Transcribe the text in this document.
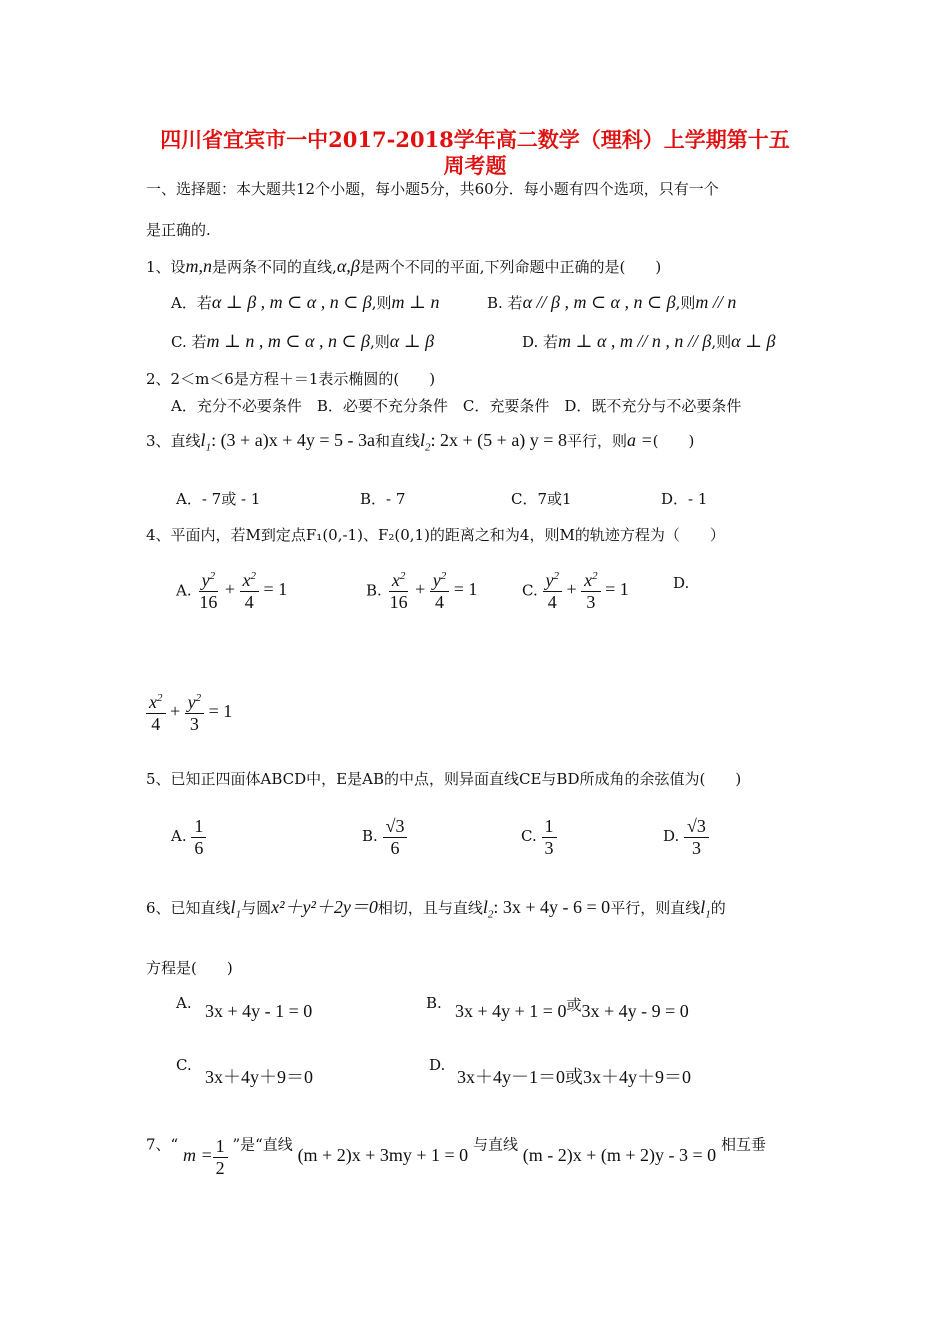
四川省宜宾市一中2017-2018学年高二数学（理科）上学期第十五
周考题
一、选择题：本大题共12个小题，每小题5分，共60分．每小题有四个选项，只有一个
是正确的.
1、设m,n是两条不同的直线,α,β是两个不同的平面,下列命题中正确的是(　　)
A．若α ⊥ β , m ⊂ α , n ⊂ β,则m ⊥ n	B. 若α // β , m ⊂ α , n ⊂ β,则m // n
C. 若m ⊥ n , m ⊂ α , n ⊂ β,则α ⊥ β	D. 若m ⊥ α , m // n , n // β,则α ⊥ β
2、2＜m＜6是方程＋＝1表示椭圆的(　　)
A．充分不必要条件　B．必要不充分条件　C．充要条件　D．既不充分与不必要条件
3、直线$l_1$: (3 + a)x + 4y = 5 - 3a和直线$l_2$: 2x + (5 + a) y = 8平行，则a =(　　)
A．- 7或 - 1	B．- 7	C．7或1	D．- 1
4、平面内，若M到定点F₁(0,-1)、F₂(0,1)的距离之和为4，则M的轨迹方程为（　　）
A. $\frac{y^2}{16} + \frac{x^2}{4} = 1$	B. $\frac{x^2}{16} + \frac{y^2}{4} = 1$	C. $\frac{y^2}{4} + \frac{x^2}{3} = 1$	D.
$\frac{x^2}{4} + \frac{y^2}{3} = 1$
5、已知正四面体ABCD中，E是AB的中点，则异面直线CE与BD所成角的余弦值为(　　)
A. $\frac{1}{6}$	B. $\frac{√3}{6}$	C. $\frac{1}{3}$	D. $\frac{√3}{3}$
6、已知直线$l_1$与圆x²＋y²＋2y＝0相切，且与直线$l_2$: 3x + 4y - 6 = 0平行，则直线$l_1$的
方程是(　　)
A. 3x + 4y - 1 = 0	B. 3x + 4y + 1 = 0或3x + 4y - 9 = 0
C.
3x＋4y＋9＝0
D.
3x＋4y－1＝0或3x＋4y＋9＝0
7、“ $m = \frac{1}{2}$ ”是“直线 (m + 2)x + 3my + 1 = 0 与直线 (m - 2)x + (m + 2)y - 3 = 0 相互垂
